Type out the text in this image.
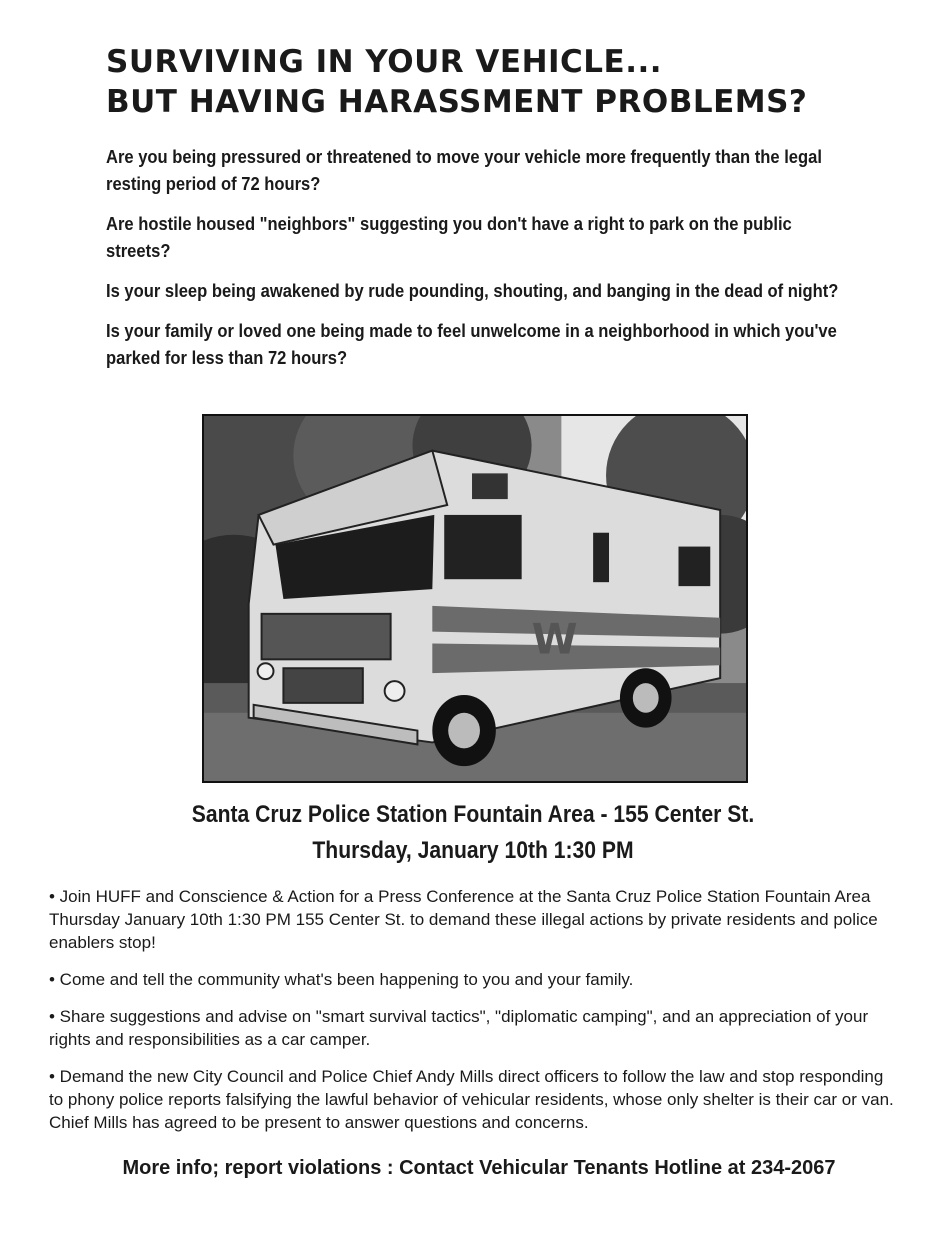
SURVIVING IN YOUR VEHICLE...
BUT HAVING HARASSMENT PROBLEMS?

Are you being pressured or threatened to move your vehicle more frequently than the legal resting period of 72 hours?

Are hostile housed "neighbors" suggesting you don't have a right to park on the public streets?

Is your sleep being awakened by rude pounding, shouting, and banging in the dead of night?

Is your family or loved one being made to feel unwelcome in a neighborhood in which you've parked for less than 72 hours?

W
Santa Cruz Police Station Fountain Area - 155 Center St.
Thursday, January 10th 1:30 PM

• Join HUFF and Conscience & Action for a Press Conference at the Santa Cruz Police Station Fountain Area Thursday January 10th 1:30 PM 155 Center St. to demand these illegal actions by private residents and police enablers stop!

• Come and tell the community what's been happening to you and your family.

• Share suggestions and advise on "smart survival tactics", "diplomatic camping", and an appreciation of your rights and responsibilities as a car camper.

• Demand the new City Council and Police Chief Andy Mills direct officers to follow the law and stop responding to phony police reports falsifying the lawful behavior of vehicular residents, whose only shelter is their car or van. Chief Mills has agreed to be present to answer questions and concerns.

More info; report violations : Contact Vehicular Tenants Hotline at 234-2067
